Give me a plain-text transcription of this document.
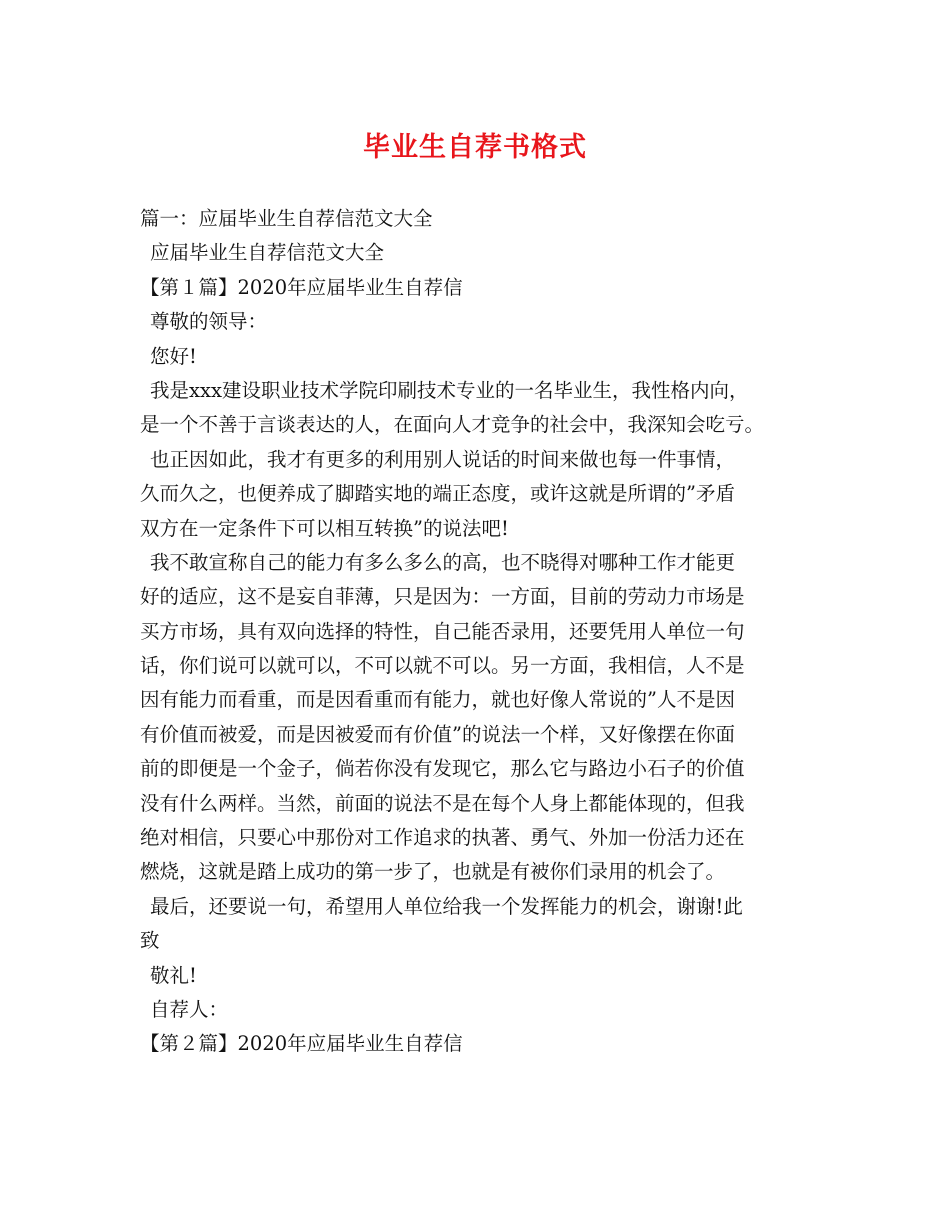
毕业生自荐书格式
篇一：应届毕业生自荐信范文大全
应届毕业生自荐信范文大全
【第１篇】2020年应届毕业生自荐信
尊敬的领导：
您好!
我是xxx建设职业技术学院印刷技术专业的一名毕业生，我性格内向，
是一个不善于言谈表达的人，在面向人才竞争的社会中，我深知会吃亏。
也正因如此，我才有更多的利用别人说话的时间来做也每一件事情，
久而久之，也便养成了脚踏实地的端正态度，或许这就是所谓的”矛盾
双方在一定条件下可以相互转换”的说法吧!
我不敢宣称自己的能力有多么多么的高，也不晓得对哪种工作才能更
好的适应，这不是妄自菲薄，只是因为：一方面，目前的劳动力市场是
买方市场，具有双向选择的特性，自己能否录用，还要凭用人单位一句
话，你们说可以就可以，不可以就不可以。另一方面，我相信，人不是
因有能力而看重，而是因看重而有能力，就也好像人常说的”人不是因
有价值而被爱，而是因被爱而有价值”的说法一个样，又好像摆在你面
前的即便是一个金子，倘若你没有发现它，那么它与路边小石子的价值
没有什么两样。当然，前面的说法不是在每个人身上都能体现的，但我
绝对相信，只要心中那份对工作追求的执著、勇气、外加一份活力还在
燃烧，这就是踏上成功的第一步了，也就是有被你们录用的机会了。
最后，还要说一句，希望用人单位给我一个发挥能力的机会，谢谢!此
致
敬礼!
自荐人：
【第２篇】2020年应届毕业生自荐信
